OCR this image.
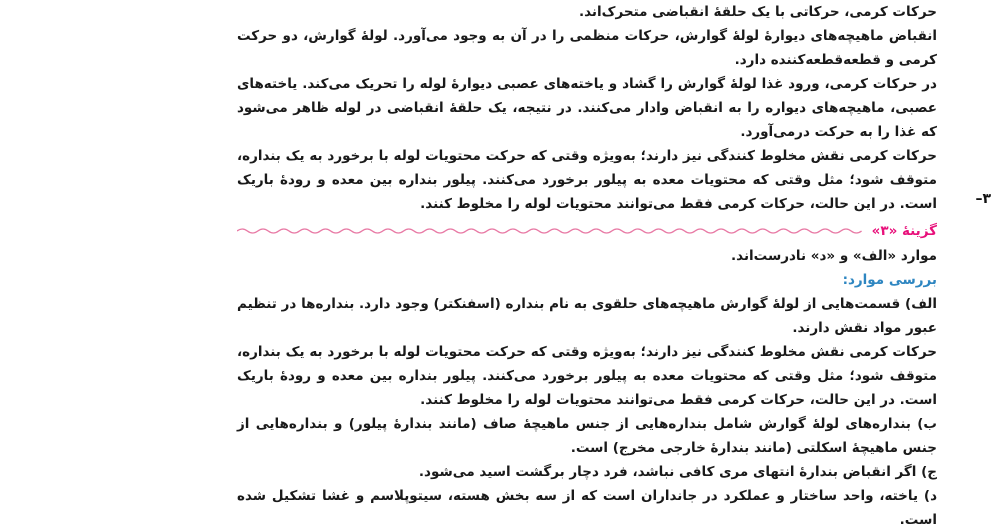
۳–

حرکات کرمی، حرکاتی با یک حلقهٔ انقباضی متحرک‌اند.

انقباض ماهیچه‌های دیوارهٔ لولهٔ گوارش، حرکات منظمی را در آن به وجود می‌آورد. لولهٔ گوارش، دو حرکت کرمی و قطعه‌قطعه‌کننده دارد.

در حرکات کرمی، ورود غذا لولهٔ گوارش را گشاد و یاخته‌های عصبی دیوارهٔ لوله را تحریک می‌کند. یاخته‌های عصبی، ماهیچه‌های دیواره را به انقباض وادار می‌کنند. در نتیجه، یک حلقهٔ انقباضی در لوله ظاهر می‌شود که غذا را به حرکت درمی‌آورد.

حرکات کرمی نقش مخلوط کنندگی نیز دارند؛ به‌ویژه وقتی که حرکت محتویات لوله با برخورد به یک بنداره، متوقف شود؛ مثل وقتی که محتویات معده به پیلور برخورد می‌کنند. پیلور بنداره بین معده و رودهٔ باریک است. در این حالت، حرکات کرمی فقط می‌توانند محتویات لوله را مخلوط کنند.

گزینهٔ «۳»

موارد «الف» و «د» نادرست‌اند.

بررسی موارد:

الف) قسمت‌هایی از لولهٔ گوارش ماهیچه‌های حلقوی به نام بنداره (اسفنکتر) وجود دارد. بنداره‌ها در تنظیم عبور مواد نقش دارند.

حرکات کرمی نقش مخلوط کنندگی نیز دارند؛ به‌ویژه وقتی که حرکت محتویات لوله با برخورد به یک بنداره، متوقف شود؛ مثل وقتی که محتویات معده به پیلور برخورد می‌کنند. پیلور بنداره بین معده و رودهٔ باریک است. در این حالت، حرکات کرمی فقط می‌توانند محتویات لوله را مخلوط کنند.

ب) بنداره‌های لولهٔ گوارش شامل بنداره‌هایی از جنس ماهیچهٔ صاف (مانند بندارهٔ پیلور) و بنداره‌هایی از جنس ماهیچهٔ اسکلتی (مانند بندارهٔ خارجی مخرج) است.

ج) اگر انقباض بندارهٔ انتهای مری کافی نباشد، فرد دچار برگشت اسید می‌شود.

د) یاخته، واحد ساختار و عملکرد در جانداران است که از سه بخش هسته، سیتوپلاسم و غشا تشکیل شده است.
